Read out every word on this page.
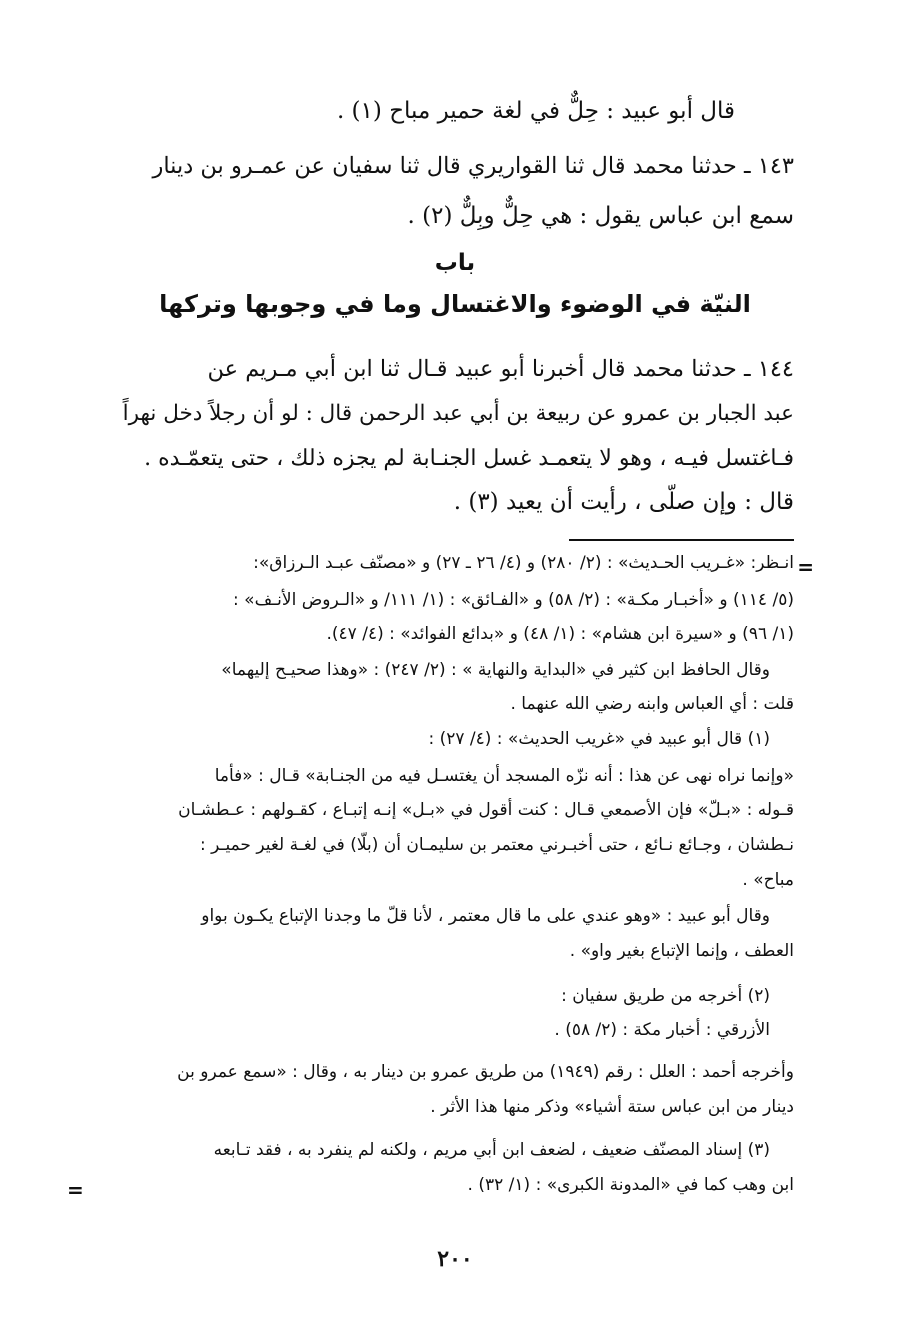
قال أبو عبيد : حِلٌّ في لغة حمير مباح (١) .
١٤٣ ـ حدثنا محمد قال ثنا القواريري قال ثنا سفيان عن عمـرو بن دينار
سمع ابن عباس يقول : هي حِلٌّ وبِلٌّ (٢) .
باب
النيّة في الوضوء والاغتسال وما في وجوبها وتركها
١٤٤ ـ حدثنا محمد قال أخبرنا أبو عبيد قـال ثنا ابن أبي مـريم عن
عبد الجبار بن عمرو عن ربيعة بن أبي عبد الرحمن قال : لو أن رجلاً دخل نهراً
فـاغتسل فيـه ، وهو لا يتعمـد غسل الجنـابة لم يجزه ذلك ، حتى يتعمّـده .
قال : وإن صلّى ، رأيت أن يعيد (٣) .
=
انـظر: «غـريب الحـديث» : (٢/ ٢٨٠) و (٤/ ٢٦ ـ ٢٧) و «مصنّف عبـد الـرزاق»:
(٥/ ١١٤) و «أخبـار مكـة» : (٢/ ٥٨) و «الفـائق» : (١/ ١١١/ و «الـروض الأنـف» :
(١/ ٩٦) و «سيرة ابن هشام» : (١/ ٤٨) و «بدائع الفوائد» : (٤/ ٤٧).
وقال الحافظ ابن كثير في «البداية والنهاية » : (٢/ ٢٤٧) : «وهذا صحيـح إليهما»
قلت : أي العباس وابنه رضي الله عنهما .
(١) قال أبو عبيد في «غريب الحديث» : (٤/ ٢٧) :
«وإنما نراه نهى عن هذا : أنه نزّه المسجد أن يغتسـل فيه من الجنـابة» قـال : «فأما
قـوله : «بـلّ» فإن الأصمعي قـال : كنت أقول في «بـل» إنـه إتبـاع ، كقـولهم : عـطشـان
نـطشان ، وجـائع نـائع ، حتى أخبـرني معتمر بن سليمـان أن (بلّا) في لغـة لغير حميـر :
مباح» .
وقال أبو عبيد : «وهو عندي على ما قال معتمر ، لأنا قلّ ما وجدنا الإتباع يكـون بواو
العطف ، وإنما الإتباع بغير واو» .
(٢) أخرجه من طريق سفيان :
الأزرقي : أخبار مكة : (٢/ ٥٨) .
وأخرجه أحمد : العلل : رقم (١٩٤٩) من طريق عمرو بن دينار به ، وقال : «سمع عمرو بن
دينار من ابن عباس ستة أشياء» وذكر منها هذا الأثر .
(٣) إسناد المصنّف ضعيف ، لضعف ابن أبي مريم ، ولكنه لم ينفرد به ، فقد تـابعه
ابن وهب كما في «المدونة الكبرى» : (١/ ٣٢) .
=
٢٠٠
